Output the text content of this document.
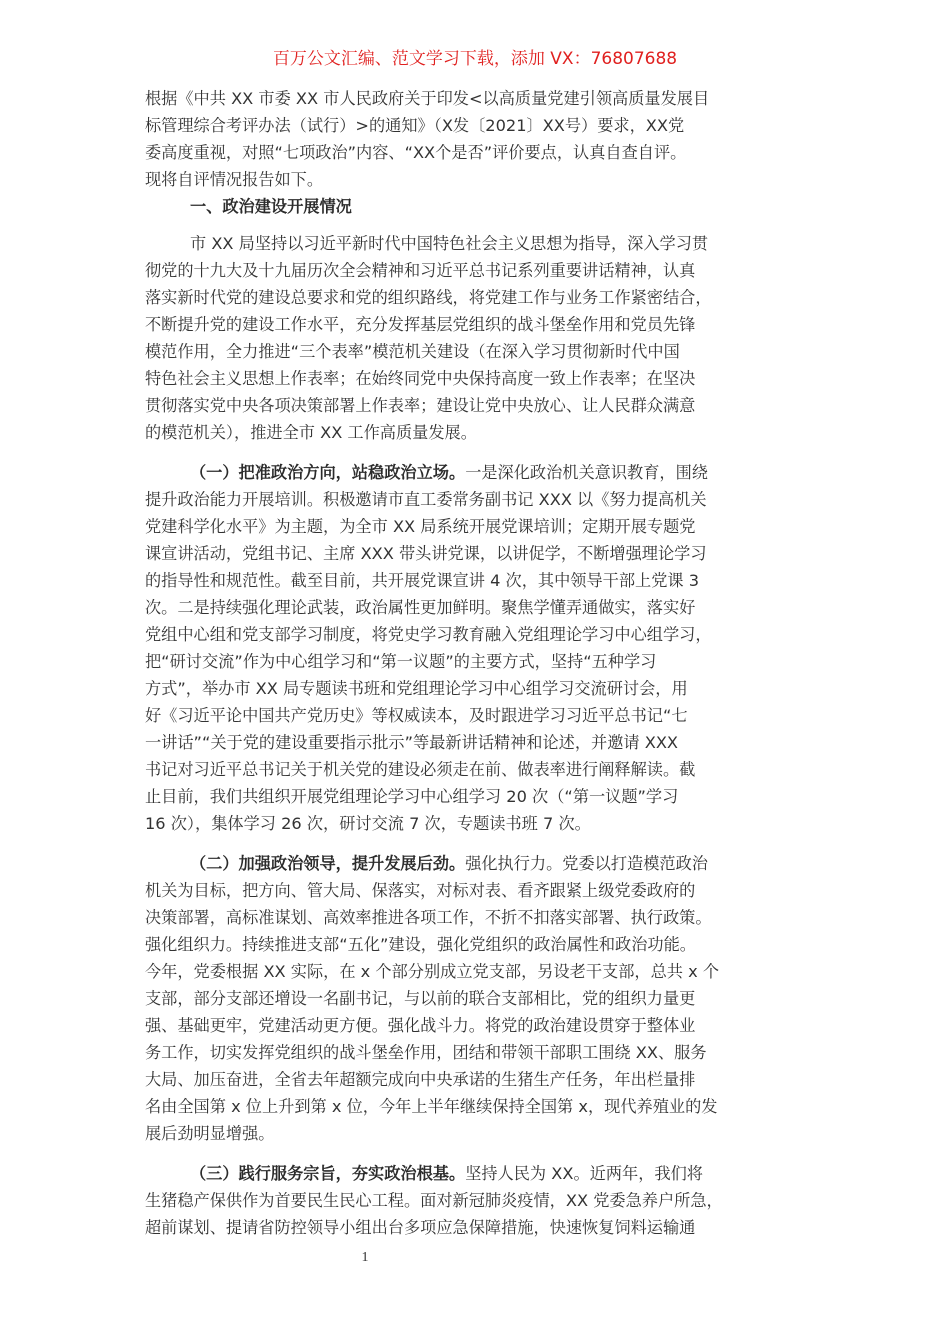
百万公文汇编、范文学习下载，添加 VX：76807688
根据《中共 XX 市委 XX 市人民政府关于印发<以高质量党建引领高质量发展目
标管理综合考评办法（试行）>的通知》（X发〔2021〕XX号）要求，XX党
委高度重视，对照“七项政治”内容、“XX个是否”评价要点，认真自查自评。
现将自评情况报告如下。
一、政治建设开展情况
市 XX 局坚持以习近平新时代中国特色社会主义思想为指导，深入学习贯
彻党的十九大及十九届历次全会精神和习近平总书记系列重要讲话精神，认真
落实新时代党的建设总要求和党的组织路线，将党建工作与业务工作紧密结合，
不断提升党的建设工作水平，充分发挥基层党组织的战斗堡垒作用和党员先锋
模范作用，全力推进“三个表率”模范机关建设（在深入学习贯彻新时代中国
特色社会主义思想上作表率；在始终同党中央保持高度一致上作表率；在坚决
贯彻落实党中央各项决策部署上作表率；建设让党中央放心、让人民群众满意
的模范机关），推进全市 XX 工作高质量发展。
（一）把准政治方向，站稳政治立场。一是深化政治机关意识教育，围绕
提升政治能力开展培训。积极邀请市直工委常务副书记 XXX 以《努力提高机关
党建科学化水平》为主题，为全市 XX 局系统开展党课培训；定期开展专题党
课宣讲活动，党组书记、主席 XXX 带头讲党课，以讲促学，不断增强理论学习
的指导性和规范性。截至目前，共开展党课宣讲 4 次，其中领导干部上党课 3
次。二是持续强化理论武装，政治属性更加鲜明。聚焦学懂弄通做实，落实好
党组中心组和党支部学习制度，将党史学习教育融入党组理论学习中心组学习，
把“研讨交流”作为中心组学习和“第一议题”的主要方式，坚持“五种学习
方式”，举办市 XX 局专题读书班和党组理论学习中心组学习交流研讨会，用
好《习近平论中国共产党历史》等权威读本，及时跟进学习习近平总书记“七
一讲话”“关于党的建设重要指示批示”等最新讲话精神和论述，并邀请 XXX
书记对习近平总书记关于机关党的建设必须走在前、做表率进行阐释解读。截
止目前，我们共组织开展党组理论学习中心组学习 20 次（“第一议题”学习
16 次），集体学习 26 次，研讨交流 7 次，专题读书班 7 次。
（二）加强政治领导，提升发展后劲。强化执行力。党委以打造模范政治
机关为目标，把方向、管大局、保落实，对标对表、看齐跟紧上级党委政府的
决策部署，高标准谋划、高效率推进各项工作，不折不扣落实部署、执行政策。
强化组织力。持续推进支部“五化”建设，强化党组织的政治属性和政治功能。
今年，党委根据 XX 实际，在 x 个部分别成立党支部，另设老干支部，总共 x 个
支部，部分支部还增设一名副书记，与以前的联合支部相比，党的组织力量更
强、基础更牢，党建活动更方便。强化战斗力。将党的政治建设贯穿于整体业
务工作，切实发挥党组织的战斗堡垒作用，团结和带领干部职工围绕 XX、服务
大局、加压奋进，全省去年超额完成向中央承诺的生猪生产任务，年出栏量排
名由全国第 x 位上升到第 x 位，今年上半年继续保持全国第 x，现代养殖业的发
展后劲明显增强。
（三）践行服务宗旨，夯实政治根基。坚持人民为 XX。近两年，我们将
生猪稳产保供作为首要民生民心工程。面对新冠肺炎疫情，XX 党委急养户所急，
超前谋划、提请省防控领导小组出台多项应急保障措施，快速恢复饲料运输通
1
